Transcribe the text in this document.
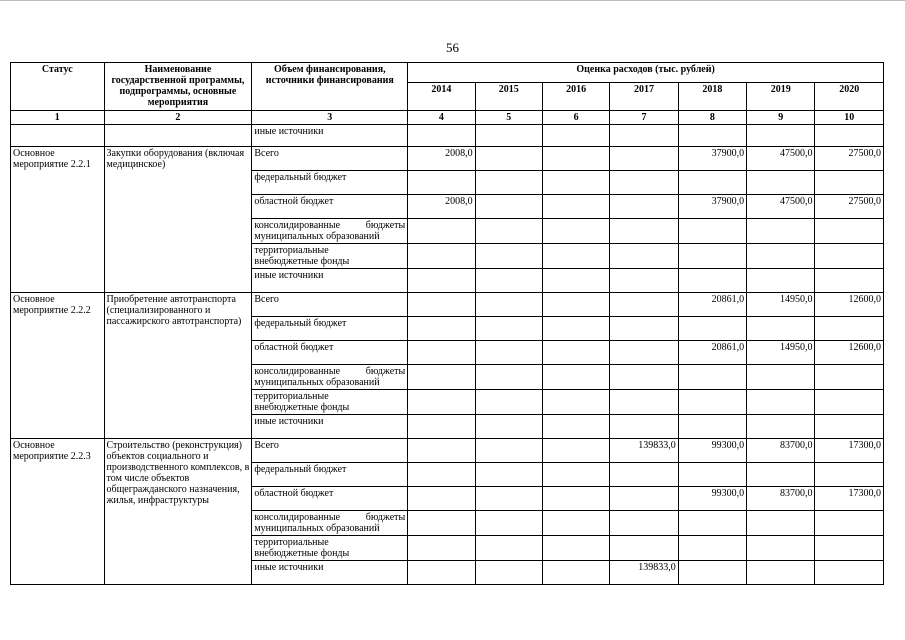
56
Статус	Наименование государственной программы, подпрограммы, основные мероприятия	Объем финансирования, источники финансирования	Оценка расходов (тыс. рублей)						
			2014	2015	2016	2017	2018	2019	2020
1	2	3	4	5	6	7	8	9	10
		иные источники							
Основное мероприятие 2.2.1	Закупки оборудования (включая медицинское)	Всего	2008,0				37900,0	47500,0	27500,0
		федеральный бюджет							
		областной бюджет	2008,0				37900,0	47500,0	27500,0

		консолидированные бюджеты
муниципальных образований							

		территориальные
внебюджетные фонды							

		иные источники							
Основное мероприятие 2.2.2	Приобретение автотранспорта (специализированного и пассажирского автотранспорта)	Всего					20861,0	14950,0	12600,0
		федеральный бюджет							
		областной бюджет					20861,0	14950,0	12600,0

		консолидированные бюджеты
муниципальных образований							

		территориальные
внебюджетные фонды							

		иные источники							
Основное мероприятие 2.2.3	Строительство (реконструкция) объектов социального и производственного комплексов, в том числе объектов общегражданского назначения, жилья, инфраструктуры	Всего				139833,0	99300,0	83700,0	17300,0
		федеральный бюджет							
		областной бюджет					99300,0	83700,0	17300,0

		консолидированные бюджеты
муниципальных образований							

		территориальные
внебюджетные фонды							

		иные источники				139833,0			
